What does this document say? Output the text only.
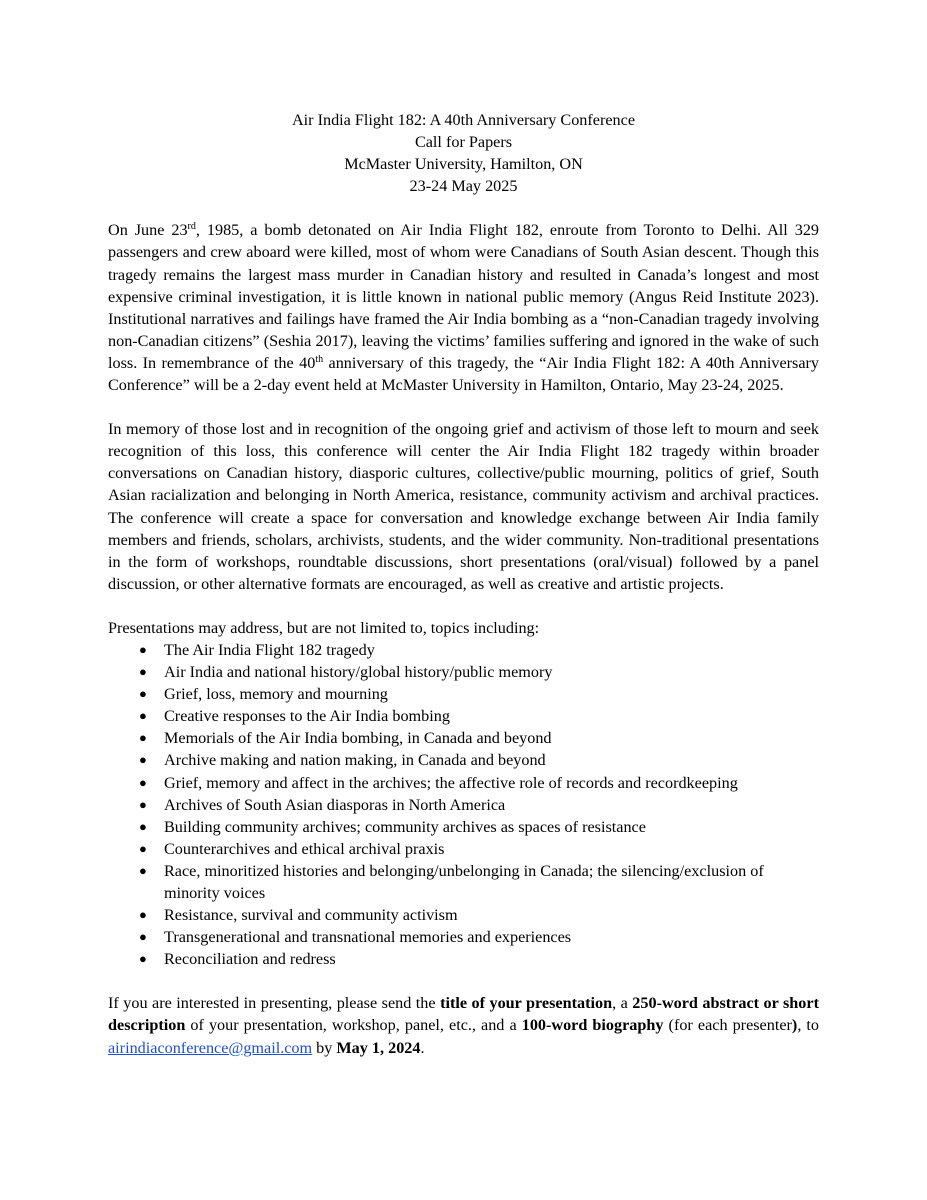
Air India Flight 182: A 40th Anniversary Conference
Call for Papers
McMaster University, Hamilton, ON
23-24 May 2025

On June 23rd, 1985, a bomb detonated on Air India Flight 182, enroute from Toronto to Delhi. All 329 passengers and crew aboard were killed, most of whom were Canadians of South Asian descent. Though this tragedy remains the largest mass murder in Canadian history and resulted in Canada’s longest and most expensive criminal investigation, it is little known in national public memory (Angus Reid Institute 2023). Institutional narratives and failings have framed the Air India bombing as a “non-Canadian tragedy involving non-Canadian citizens” (Seshia 2017), leaving the victims’ families suffering and ignored in the wake of such loss. In remembrance of the 40th anniversary of this tragedy, the “Air India Flight 182: A 40th Anniversary Conference” will be a 2-day event held at McMaster University in Hamilton, Ontario, May 23-24, 2025.

In memory of those lost and in recognition of the ongoing grief and activism of those left to mourn and seek recognition of this loss, this conference will center the Air India Flight 182 tragedy within broader conversations on Canadian history, diasporic cultures, collective/public mourning, politics of grief, South Asian racialization and belonging in North America, resistance, community activism and archival practices. The conference will create a space for conversation and knowledge exchange between Air India family members and friends, scholars, archivists, students, and the wider community. Non-traditional presentations in the form of workshops, roundtable discussions, short presentations (oral/visual) followed by a panel discussion, or other alternative formats are encouraged, as well as creative and artistic projects.

Presentations may address, but are not limited to, topics including:
● The Air India Flight 182 tragedy
● Air India and national history/global history/public memory
● Grief, loss, memory and mourning
● Creative responses to the Air India bombing
● Memorials of the Air India bombing, in Canada and beyond
● Archive making and nation making, in Canada and beyond
● Grief, memory and affect in the archives; the affective role of records and recordkeeping
● Archives of South Asian diasporas in North America
● Building community archives; community archives as spaces of resistance
● Counterarchives and ethical archival praxis
● Race, minoritized histories and belonging/unbelonging in Canada; the silencing/exclusion of minority voices
● Resistance, survival and community activism
● Transgenerational and transnational memories and experiences
● Reconciliation and redress

If you are interested in presenting, please send the title of your presentation, a 250-word abstract or short description of your presentation, workshop, panel, etc., and a 100-word biography (for each presenter), to airindiaconference@gmail.com by May 1, 2024.
